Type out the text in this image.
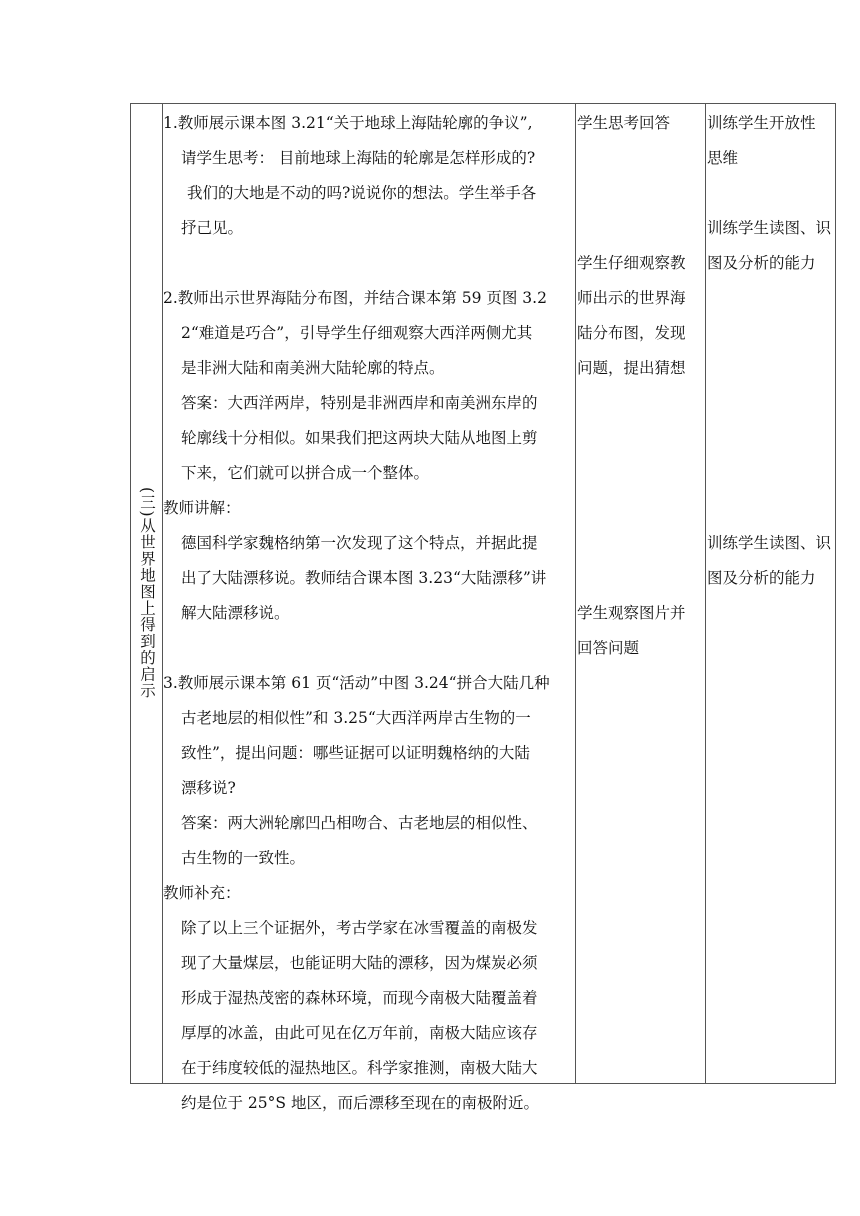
(三)从世界地图上得到的启示

1.教师展示课本图 3.21“关于地球上海陆轮廓的争议”,

请学生思考： 目前地球上海陆的轮廓是怎样形成的?

我们的大地是不动的吗?说说你的想法。学生举手各

抒己见。

2.教师出示世界海陆分布图，并结合课本第 59 页图 3.2

2“难道是巧合”，引导学生仔细观察大西洋两侧尤其

是非洲大陆和南美洲大陆轮廓的特点。

答案：大西洋两岸，特别是非洲西岸和南美洲东岸的

轮廓线十分相似。如果我们把这两块大陆从地图上剪

下来，它们就可以拼合成一个整体。

教师讲解：

德国科学家魏格纳第一次发现了这个特点，并据此提

出了大陆漂移说。教师结合课本图 3.23“大陆漂移”讲

解大陆漂移说。

3.教师展示课本第 61 页“活动”中图 3.24“拼合大陆几种

古老地层的相似性”和 3.25“大西洋两岸古生物的一

致性”，提出问题：哪些证据可以证明魏格纳的大陆

漂移说?

答案：两大洲轮廓凹凸相吻合、古老地层的相似性、

古生物的一致性。

教师补充：

除了以上三个证据外，考古学家在冰雪覆盖的南极发

现了大量煤层，也能证明大陆的漂移，因为煤炭必须

形成于湿热茂密的森林环境，而现今南极大陆覆盖着

厚厚的冰盖，由此可见在亿万年前，南极大陆应该存

在于纬度较低的湿热地区。科学家推测，南极大陆大

约是位于 25°S 地区，而后漂移至现在的南极附近。

学生思考回答

学生仔细观察教

师出示的世界海

陆分布图，发现

问题，提出猜想

学生观察图片并

回答问题

训练学生开放性

思维

训练学生读图、识

图及分析的能力

训练学生读图、识

图及分析的能力
